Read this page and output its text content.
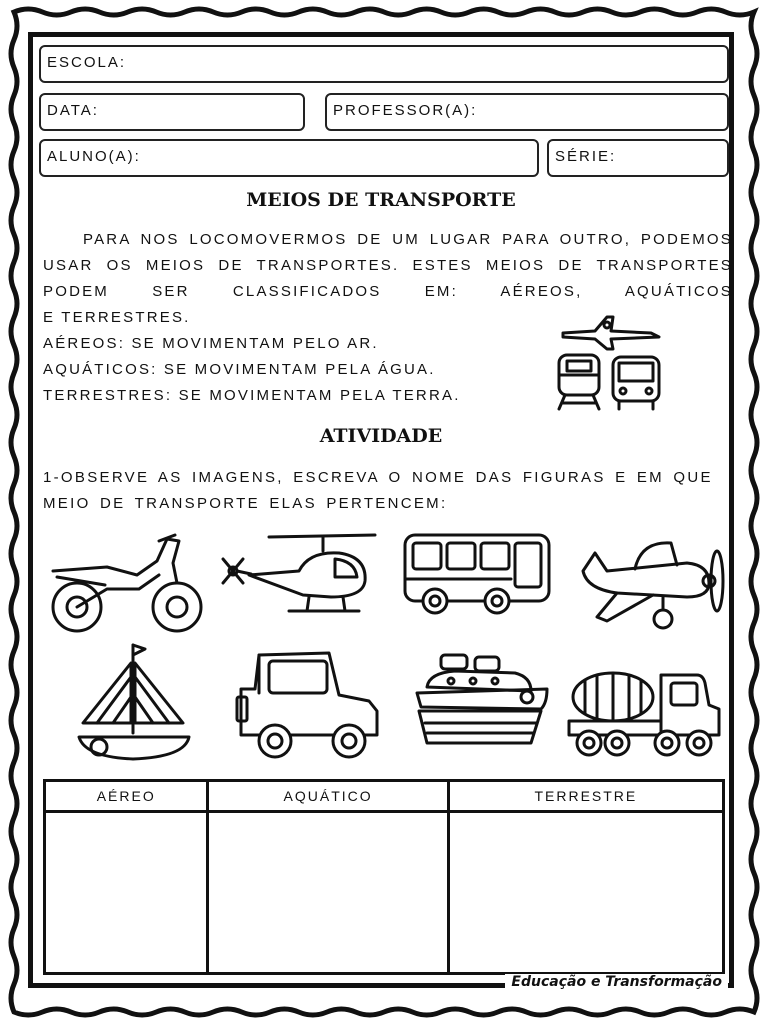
ESCOLA:
DATA:	PROFESSOR(A):
ALUNO(A):	SÉRIE:
MEIOS DE TRANSPORTE
PARA NOS LOCOMOVERMOS DE UM LUGAR PARA OUTRO, PODEMOS USAR OS MEIOS DE TRANSPORTES. ESTES MEIOS DE TRANSPORTES PODEM SER CLASSIFICADOS EM: AÉREOS, AQUÁTICOS
E TERRESTRES.
AÉREOS: SE MOVIMENTAM PELO AR.
AQUÁTICOS: SE MOVIMENTAM PELA ÁGUA.
TERRESTRES: SE MOVIMENTAM PELA TERRA.
ATIVIDADE
1-OBSERVE AS IMAGENS, ESCREVA O NOME DAS FIGURAS E EM QUE MEIO DE TRANSPORTE ELAS PERTENCEM:
AÉREO	AQUÁTICO	TERRESTRE

Educação e Transformação
